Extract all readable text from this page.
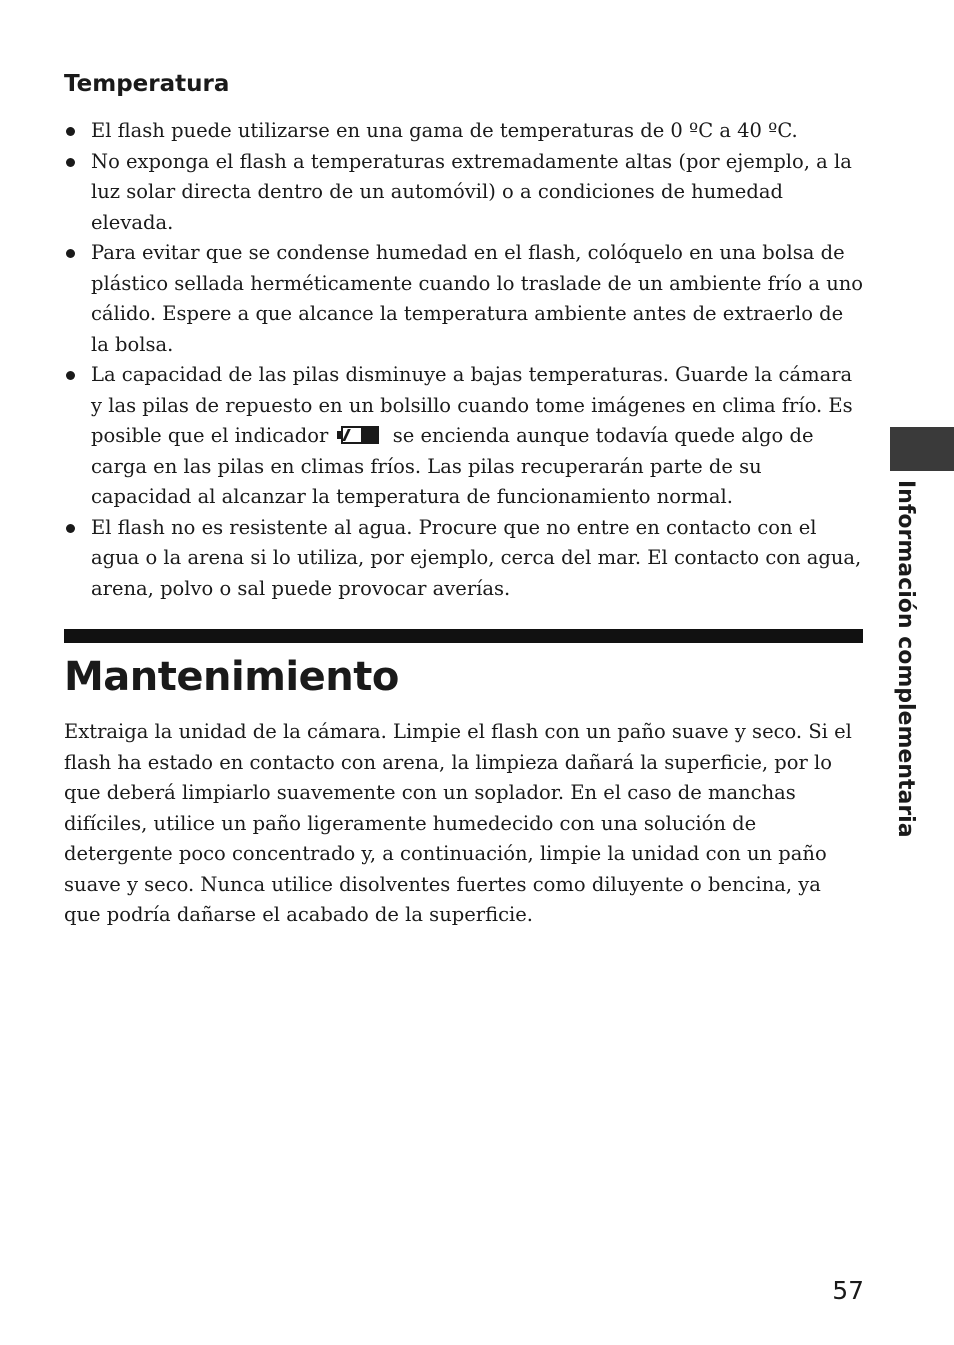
Temperatura
El flash puede utilizarse en una gama de temperaturas de 0 ºC a 40 ºC.
No exponga el flash a temperaturas extremadamente altas (por ejemplo, a la luz solar directa dentro de un automóvil) o a condiciones de humedad elevada.
Para evitar que se condense humedad en el flash, colóquelo en una bolsa de plástico sellada herméticamente cuando lo traslade de un ambiente frío a uno cálido. Espere a que alcance la temperatura ambiente antes de extraerlo de la bolsa.
La capacidad de las pilas disminuye a bajas temperaturas. Guarde la cámara y las pilas de repuesto en un bolsillo cuando tome imágenes en clima frío. Es posible que el indicador	se encienda aunque todavía quede algo de carga en las pilas en climas fríos. Las pilas recuperarán parte de su capacidad al alcanzar la temperatura de funcionamiento normal.
El flash no es resistente al agua. Procure que no entre en contacto con el agua o la arena si lo utiliza, por ejemplo, cerca del mar. El contacto con agua, arena, polvo o sal puede provocar averías.
Mantenimiento

Extraiga la unidad de la cámara. Limpie el flash con un paño suave y seco. Si el flash ha estado en contacto con arena, la limpieza dañará la superficie, por lo que deberá limpiarlo suavemente con un soplador. En el caso de manchas difíciles, utilice un paño ligeramente humedecido con una solución de detergente poco concentrado y, a continuación, limpie la unidad con un paño suave y seco. Nunca utilice disolventes fuertes como diluyente o bencina, ya que podría dañarse el acabado de la superficie.

Información complementaria
57
